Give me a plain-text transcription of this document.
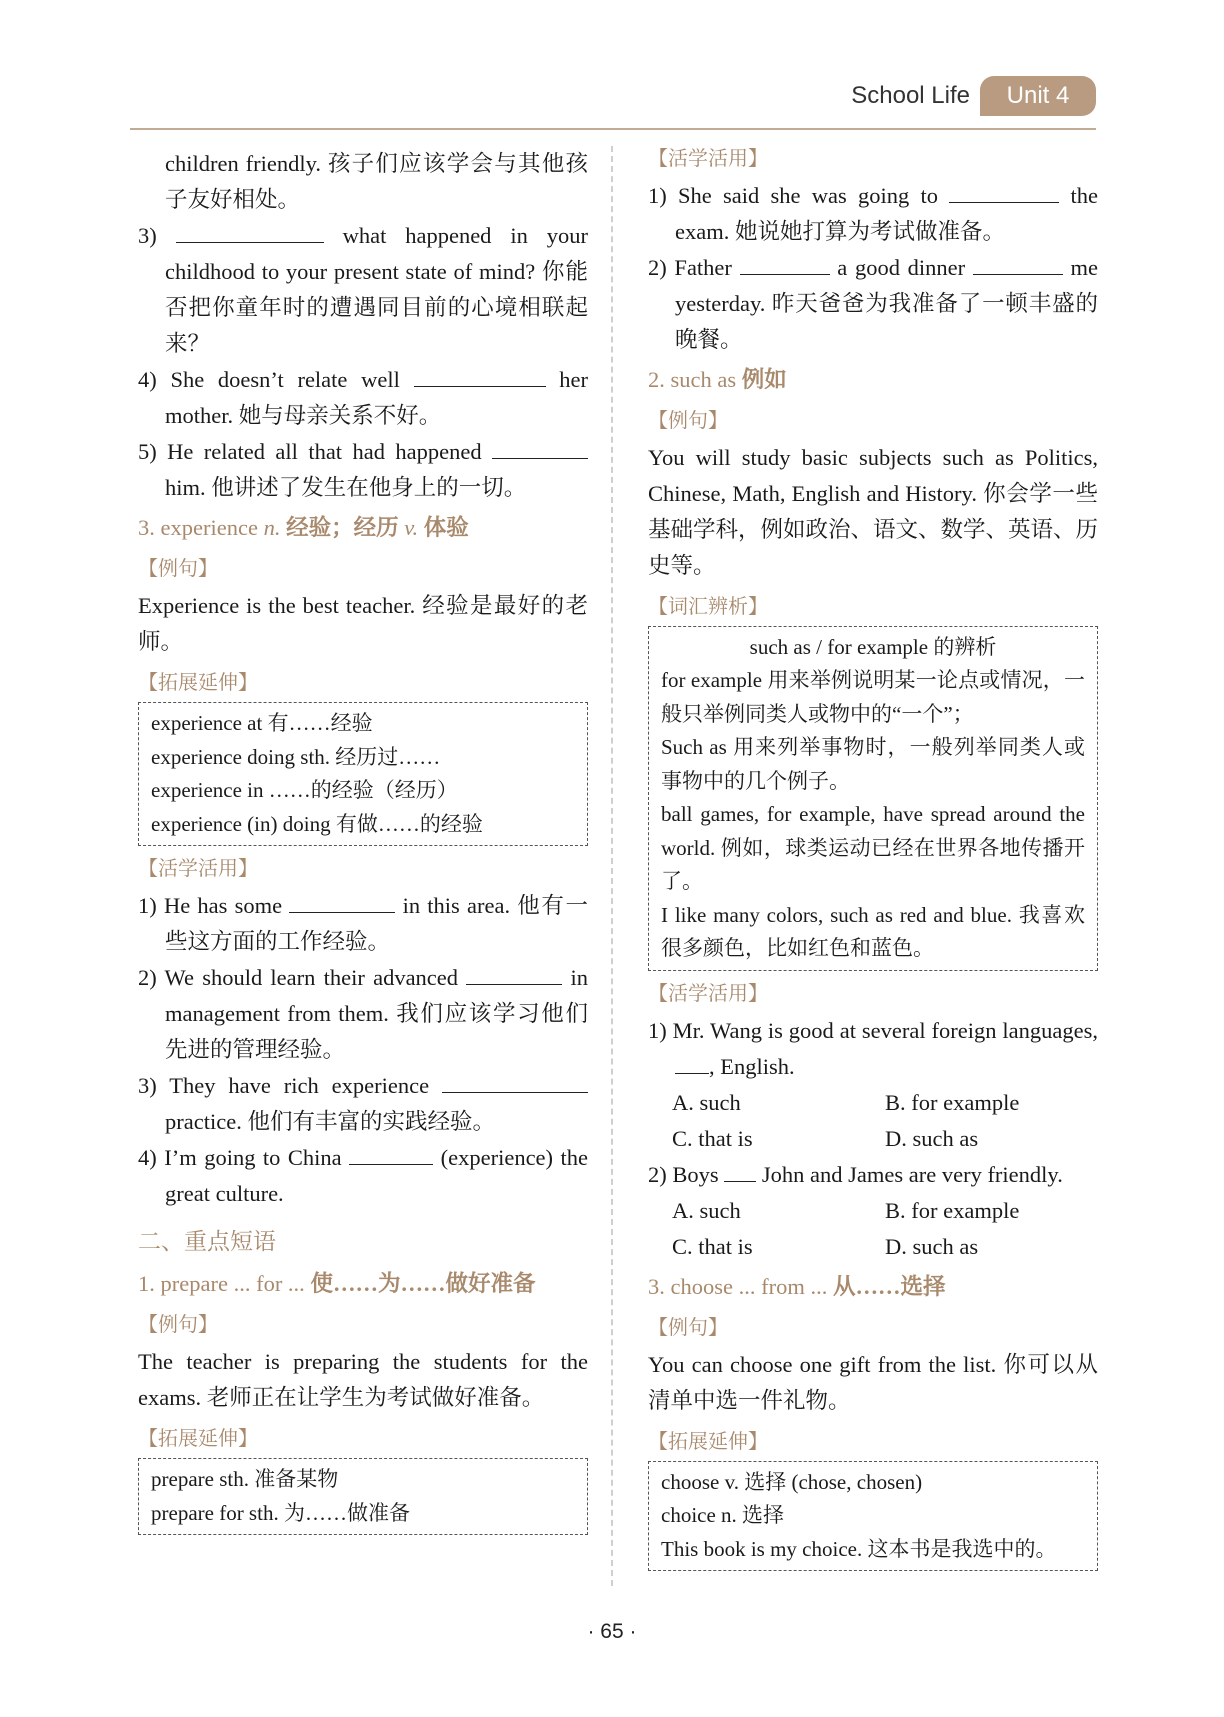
School Life	Unit 4

children friendly. 孩子们应该学会与其他孩子友好相处。

3)	what happened in your childhood to your present state of mind? 你能否把你童年时的遭遇同目前的心境相联起来？

4) She doesn’t relate well	her mother. 她与母亲关系不好。

5) He related all that had happened  him. 他讲述了发生在他身上的一切。

3. experience n. 经验；经历 v. 体验
【例句】

Experience is the best teacher. 经验是最好的老师。

【拓展延伸】

experience at 有……经验

experience doing sth. 经历过……

experience in ……的经验（经历）

experience (in) doing 有做……的经验

【活学活用】

1) He has some	in this area. 他有一些这方面的工作经验。

2) We should learn their advanced	in management from them. 我们应该学习他们先进的管理经验。

3) They have rich experience  practice. 他们有丰富的实践经验。

4) I’m going to China	(experience) the great culture.

二、重点短语
1. prepare ... for ... 使……为……做好准备
【例句】

The teacher is preparing the students for the exams. 老师正在让学生为考试做好准备。

【拓展延伸】

prepare sth. 准备某物

prepare for sth. 为……做准备

【活学活用】

1) She said she was going to	the exam. 她说她打算为考试做准备。

2) Father	a good dinner	me yesterday. 昨天爸爸为我准备了一顿丰盛的晚餐。

2. such as 例如
【例句】

You will study basic subjects such as Politics, Chinese, Math, English and History. 你会学一些基础学科，例如政治、语文、数学、英语、历史等。

【词汇辨析】
such as / for example 的辨析

for example 用来举例说明某一论点或情况，一般只举例同类人或物中的“一个”；

Such as 用来列举事物时，一般列举同类人或事物中的几个例子。

ball games, for example, have spread around the world. 例如，球类运动已经在世界各地传播开了。

I like many colors, such as red and blue. 我喜欢很多颜色，比如红色和蓝色。

【活学活用】

1) Mr. Wang is good at several foreign languages, , English.

A. such	B. for example
C. that is	D. such as

2) Boys  John and James are very friendly.

A. such	B. for example
C. that is	D. such as
3. choose ... from ... 从……选择
【例句】

You can choose one gift from the list. 你可以从清单中选一件礼物。

【拓展延伸】

choose v. 选择 (chose, chosen)

choice n. 选择

This book is my choice. 这本书是我选中的。

· 65 ·
